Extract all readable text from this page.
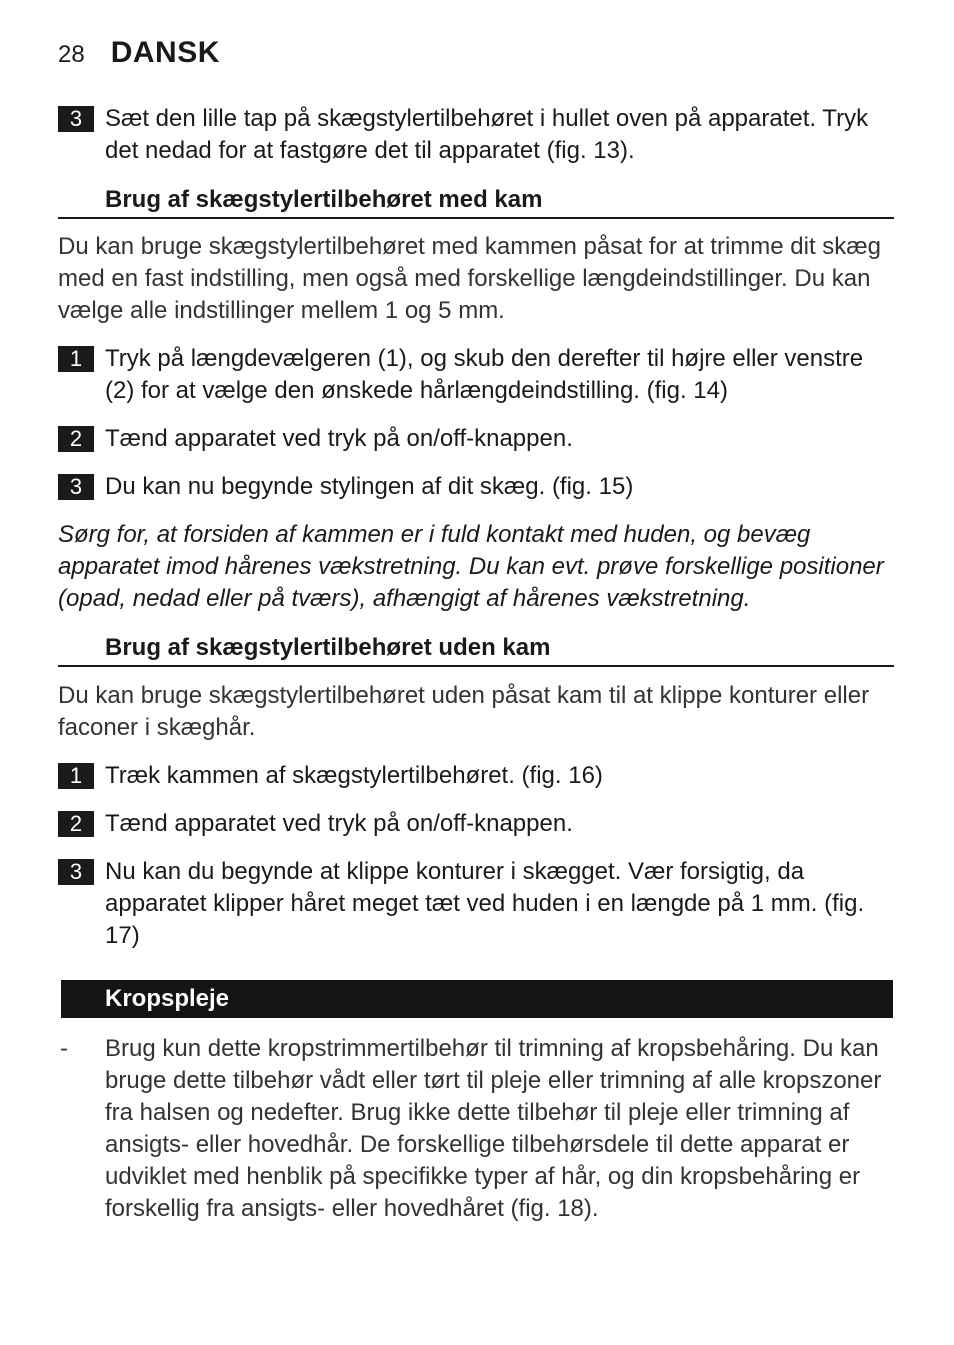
28 DANSK
3 Sæt den lille tap på skægstylertilbehøret i hullet oven på apparatet. Tryk det nedad for at fastgøre det til apparatet (fig. 13).
Brug af skægstylertilbehøret med kam
Du kan bruge skægstylertilbehøret med kammen påsat for at trimme dit skæg med en fast indstilling, men også med forskellige længdeindstillinger. Du kan vælge alle indstillinger mellem 1 og 5 mm.
1 Tryk på længdevælgeren (1), og skub den derefter til højre eller venstre (2) for at vælge den ønskede hårlængdeindstilling. (fig. 14)
2 Tænd apparatet ved tryk på on/off-knappen.
3 Du kan nu begynde stylingen af dit skæg. (fig. 15)
Sørg for, at forsiden af kammen er i fuld kontakt med huden, og bevæg apparatet imod hårenes vækstretning. Du kan evt. prøve forskellige positioner (opad, nedad eller på tværs), afhængigt af hårenes vækstretning.
Brug af skægstylertilbehøret uden kam
Du kan bruge skægstylertilbehøret uden påsat kam til at klippe konturer eller faconer i skæghår.
1 Træk kammen af skægstylertilbehøret. (fig. 16)
2 Tænd apparatet ved tryk på on/off-knappen.
3 Nu kan du begynde at klippe konturer i skægget. Vær forsigtig, da apparatet klipper håret meget tæt ved huden i en længde på 1 mm. (fig. 17)
Kropspleje
- Brug kun dette kropstrimmertilbehør til trimning af kropsbehåring. Du kan bruge dette tilbehør vådt eller tørt til pleje eller trimning af alle kropszoner fra halsen og nedefter. Brug ikke dette tilbehør til pleje eller trimning af ansigts- eller hovedhår. De forskellige tilbehørsdele til dette apparat er udviklet med henblik på specifikke typer af hår, og din kropsbehåring er forskellig fra ansigts- eller hovedhåret (fig. 18).
